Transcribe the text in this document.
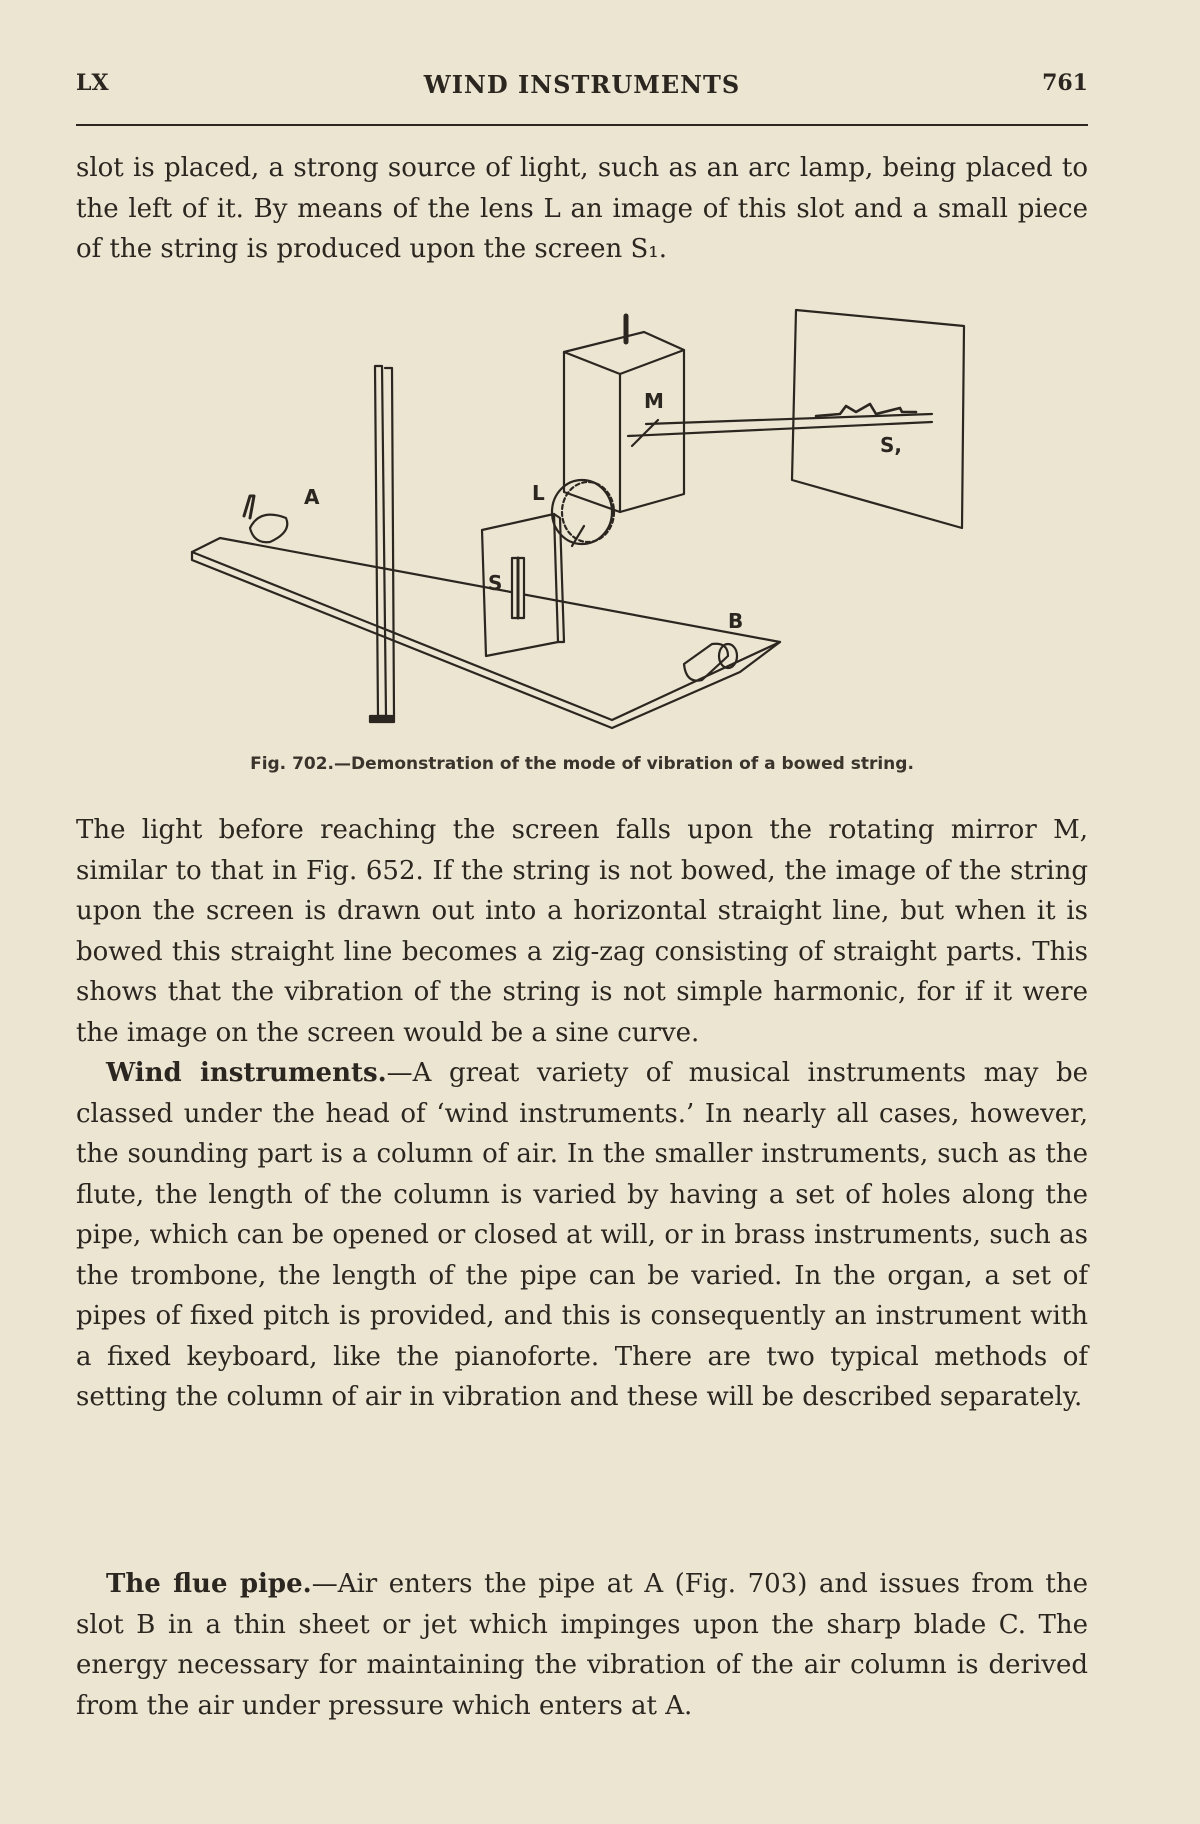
LX	WIND INSTRUMENTS	761

slot is placed, a strong source of light, such as an arc lamp, being placed to the left of it. By means of the lens L an image of this slot and a small piece of the string is produced upon the screen S₁.

A
B
L
M
S
S,
Fig. 702.—Demonstration of the mode of vibration of a bowed string.

The light before reaching the screen falls upon the rotating mirror M, similar to that in Fig. 652. If the string is not bowed, the image of the string upon the screen is drawn out into a horizontal straight line, but when it is bowed this straight line becomes a zig-zag consisting of straight parts. This shows that the vibration of the string is not simple harmonic, for if it were the image on the screen would be a sine curve.

Wind instruments.—A great variety of musical instruments may be classed under the head of ‘wind instruments.’ In nearly all cases, however, the sounding part is a column of air. In the smaller instruments, such as the flute, the length of the column is varied by having a set of holes along the pipe, which can be opened or closed at will, or in brass instruments, such as the trombone, the length of the pipe can be varied. In the organ, a set of pipes of fixed pitch is provided, and this is consequently an instrument with a fixed keyboard, like the pianoforte. There are two typical methods of setting the column of air in vibration and these will be described separately.

The flue pipe.—Air enters the pipe at A (Fig. 703) and issues from the slot B in a thin sheet or jet which impinges upon the sharp blade C. The energy necessary for maintaining the vibration of the air column is derived from the air under pressure which enters at A.
